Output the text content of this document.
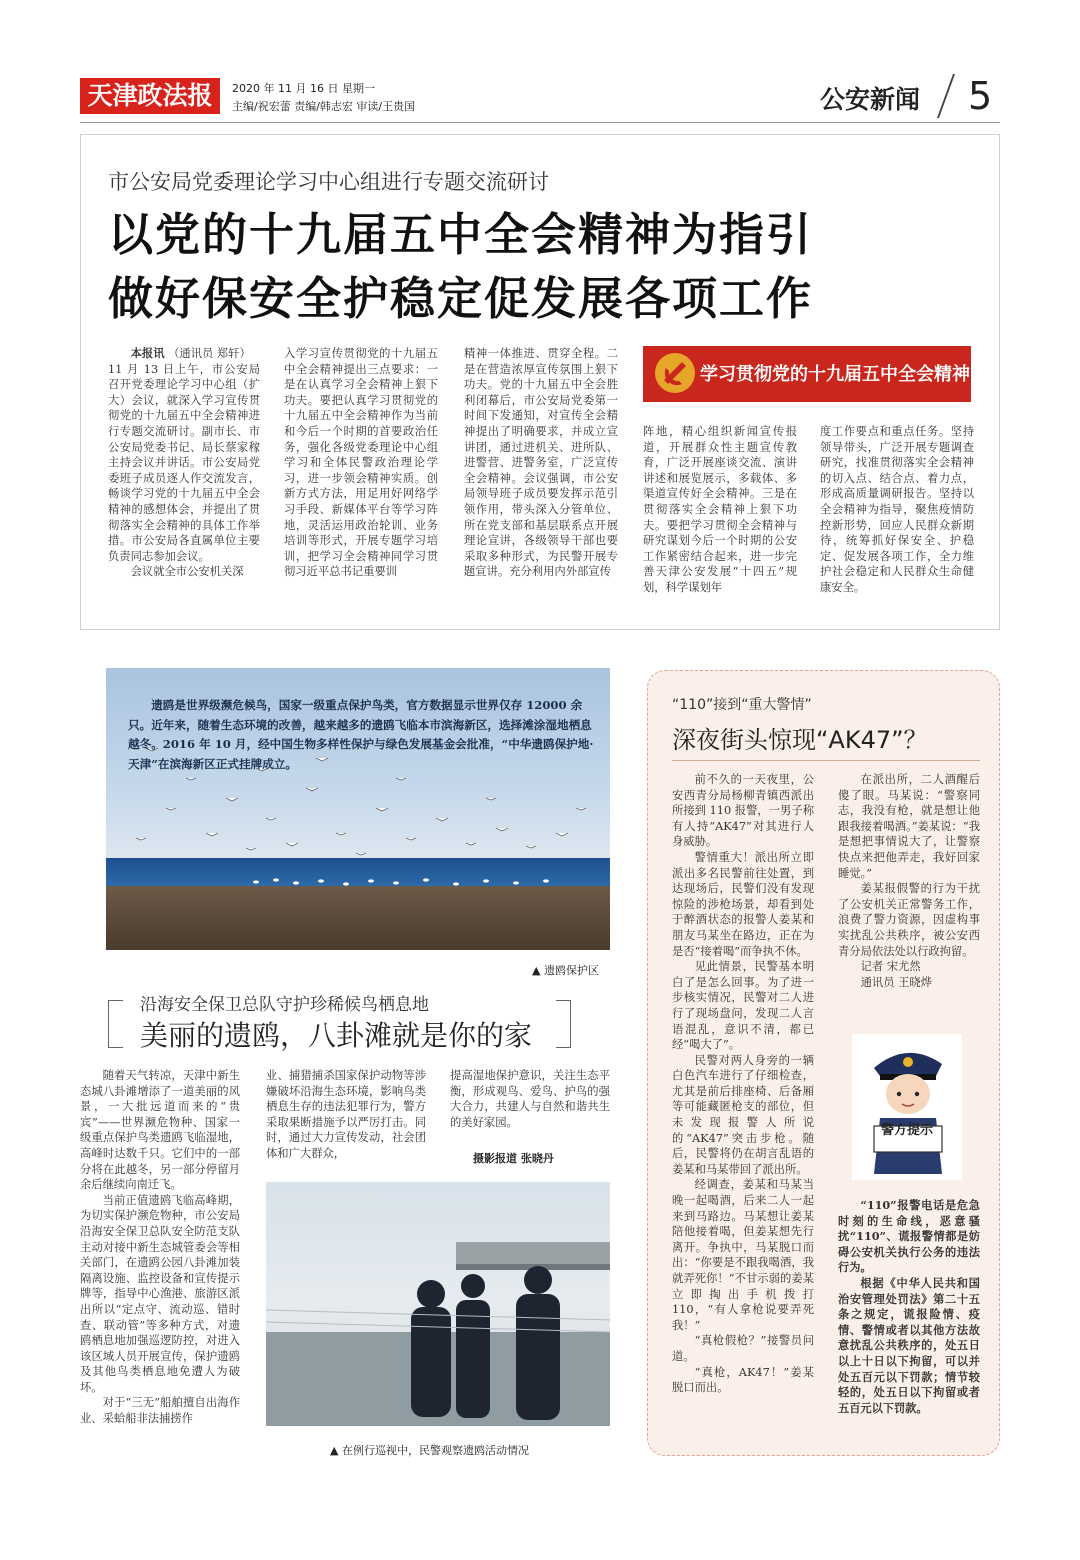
天津政法报	2020 年 11 月 16 日 星期一
主编/祝宏蕾 责编/韩志宏 审读/王贵国	公安新闻 5
市公安局党委理论学习中心组进行专题交流研讨
以党的十九届五中全会精神为指引
做好保安全护稳定促发展各项工作

  本报讯 （通讯员 郑轩）

11 月 13 日上午，市公安局召开党委理论学习中心组（扩大）会议，就深入学习宣传贯彻党的十九届五中全会精神进行专题交流研讨。副市长、市公安局党委书记、局长蔡家稼主持会议并讲话。市公安局党委班子成员逐人作交流发言，畅谈学习党的十九届五中全会精神的感想体会，并提出了贯彻落实全会精神的具体工作举措。市公安局各直属单位主要负责同志参加会议。

会议就全市公安机关深

入学习宣传贯彻党的十九届五中全会精神提出三点要求：一是在认真学习全会精神上狠下功夫。要把认真学习贯彻党的十九届五中全会精神作为当前和今后一个时期的首要政治任务，强化各级党委理论中心组学习和全体民警政治理论学习，进一步领会精神实质。创新方式方法，用足用好网络学习手段、新媒体平台等学习阵地，灵活运用政治轮训、业务培训等形式，开展专题学习培训，把学习全会精神同学习贯彻习近平总书记重要训

精神一体推进、贯穿全程。二是在营造浓厚宣传氛围上狠下功夫。党的十九届五中全会胜利闭幕后，市公安局党委第一时间下发通知，对宣传全会精神提出了明确要求，并成立宣讲团，通过进机关、进所队、进警营、进警务室，广泛宣传全会精神。会议强调，市公安局领导班子成员要发挥示范引领作用，带头深入分管单位、所在党支部和基层联系点开展理论宣讲，各级领导干部也要采取多种形式，为民警开展专题宣讲。充分利用内外部宣传

学习贯彻党的十九届五中全会精神

阵地，精心组织新闻宣传报道，开展群众性主题宣传教育，广泛开展座谈交流、演讲讲述和展览展示，多载体、多渠道宣传好全会精神。三是在贯彻落实全会精神上狠下功夫。要把学习贯彻全会精神与研究谋划今后一个时期的公安工作紧密结合起来，进一步完善天津公安发展“十四五”规划，科学谋划年

度工作要点和重点任务。坚持领导带头，广泛开展专题调查研究，找准贯彻落实全会精神的切入点、结合点、着力点，形成高质量调研报告。坚持以全会精神为指导，聚焦疫情防控新形势，回应人民群众新期待，统筹抓好保安全、护稳定、促发展各项工作，全力维护社会稳定和人民群众生命健康安全。

遗鸥是世界级濒危候鸟，国家一级重点保护鸟类，官方数据显示世界仅存 12000 余只。近年来，随着生态环境的改善，越来越多的遗鸥飞临本市滨海新区，选择滩涂湿地栖息越冬。2016 年 10 月，经中国生物多样性保护与绿色发展基金会批准，“中华遗鸥保护地·天津”在滨海新区正式挂牌成立。
▲ 遗鸥保护区
沿海安全保卫总队守护珍稀候鸟栖息地
美丽的遗鸥，八卦滩就是你的家

随着天气转凉，天津中新生态城八卦滩增添了一道美丽的风景，一大批远道而来的“贵宾”——世界濒危物种、国家一级重点保护鸟类遗鸥飞临湿地，高峰时达数千只。它们中的一部分将在此越冬，另一部分停留月余后继续向南迁飞。

当前正值遗鸥飞临高峰期，为切实保护濒危物种，市公安局沿海安全保卫总队安全防范支队主动对接中新生态城管委会等相关部门，在遗鸥公园八卦滩加装隔离设施、监控设备和宣传提示牌等，指导中心渔港、旅游区派出所以“定点守、流动巡、错时查、联动管”等多种方式，对遗鸥栖息地加强巡逻防控，对进入该区域人员开展宣传，保护遗鸥及其他鸟类栖息地免遭人为破坏。

对于“三无”船舶擅自出海作业、采蛤船非法捕捞作

业、捕猎捕杀国家保护动物等涉嫌破坏沿海生态环境，影响鸟类栖息生存的违法犯罪行为，警方采取果断措施予以严厉打击。同时，通过大力宣传发动，社会团体和广大群众，

提高湿地保护意识，关注生态平衡，形成观鸟、爱鸟、护鸟的强大合力，共建人与自然和谐共生的美好家园。

摄影报道 张晓丹
▲ 在例行巡视中，民警观察遗鸥活动情况
“110”接到“重大警情”
深夜街头惊现“AK47”？

前不久的一天夜里，公安西青分局杨柳青镇西派出所接到 110 报警，一男子称有人持“AK47”对其进行人身威胁。

警情重大！派出所立即派出多名民警前往处置，到达现场后，民警们没有发现惊险的涉枪场景，却看到处于醉酒状态的报警人姜某和朋友马某坐在路边，正在为是否“接着喝”而争执不休。

见此情景，民警基本明白了是怎么回事。为了进一步核实情况，民警对二人进行了现场盘问，发现二人言语混乱，意识不清，都已经“喝大了”。

民警对两人身旁的一辆白色汽车进行了仔细检查，尤其是前后排座椅、后备厢等可能藏匿枪支的部位，但未发现报警人所说的“AK47”突击步枪。随后，民警将仍在胡言乱语的姜某和马某带回了派出所。

经调查，姜某和马某当晚一起喝酒，后来二人一起来到马路边。马某想让姜某陪他接着喝，但姜某想先行离开。争执中，马某脱口而出：“你要是不跟我喝酒，我就弄死你！”不甘示弱的姜某立即掏出手机拨打 110，“有人拿枪说要弄死我！”

“真枪假枪？”接警员问道。

“真枪，AK47！”姜某脱口而出。

在派出所，二人酒醒后傻了眼。马某说：“警察同志，我没有枪，就是想让他跟我接着喝酒。”姜某说：“我是想把事情说大了，让警察快点来把他弄走，我好回家睡觉。”

姜某报假警的行为干扰了公安机关正常警务工作，浪费了警力资源，因虚构事实扰乱公共秩序，被公安西青分局依法处以行政拘留。

记者 宋尤然

通讯员 王晓烨

警方提示

“110”报警电话是危急时刻的生命线，恶意骚扰“110”、谎报警情都是妨碍公安机关执行公务的违法行为。

根据《中华人民共和国治安管理处罚法》第二十五条之规定，谎报险情、疫情、警情或者以其他方法故意扰乱公共秩序的，处五日以上十日以下拘留，可以并处五百元以下罚款；情节较轻的，处五日以下拘留或者五百元以下罚款。
